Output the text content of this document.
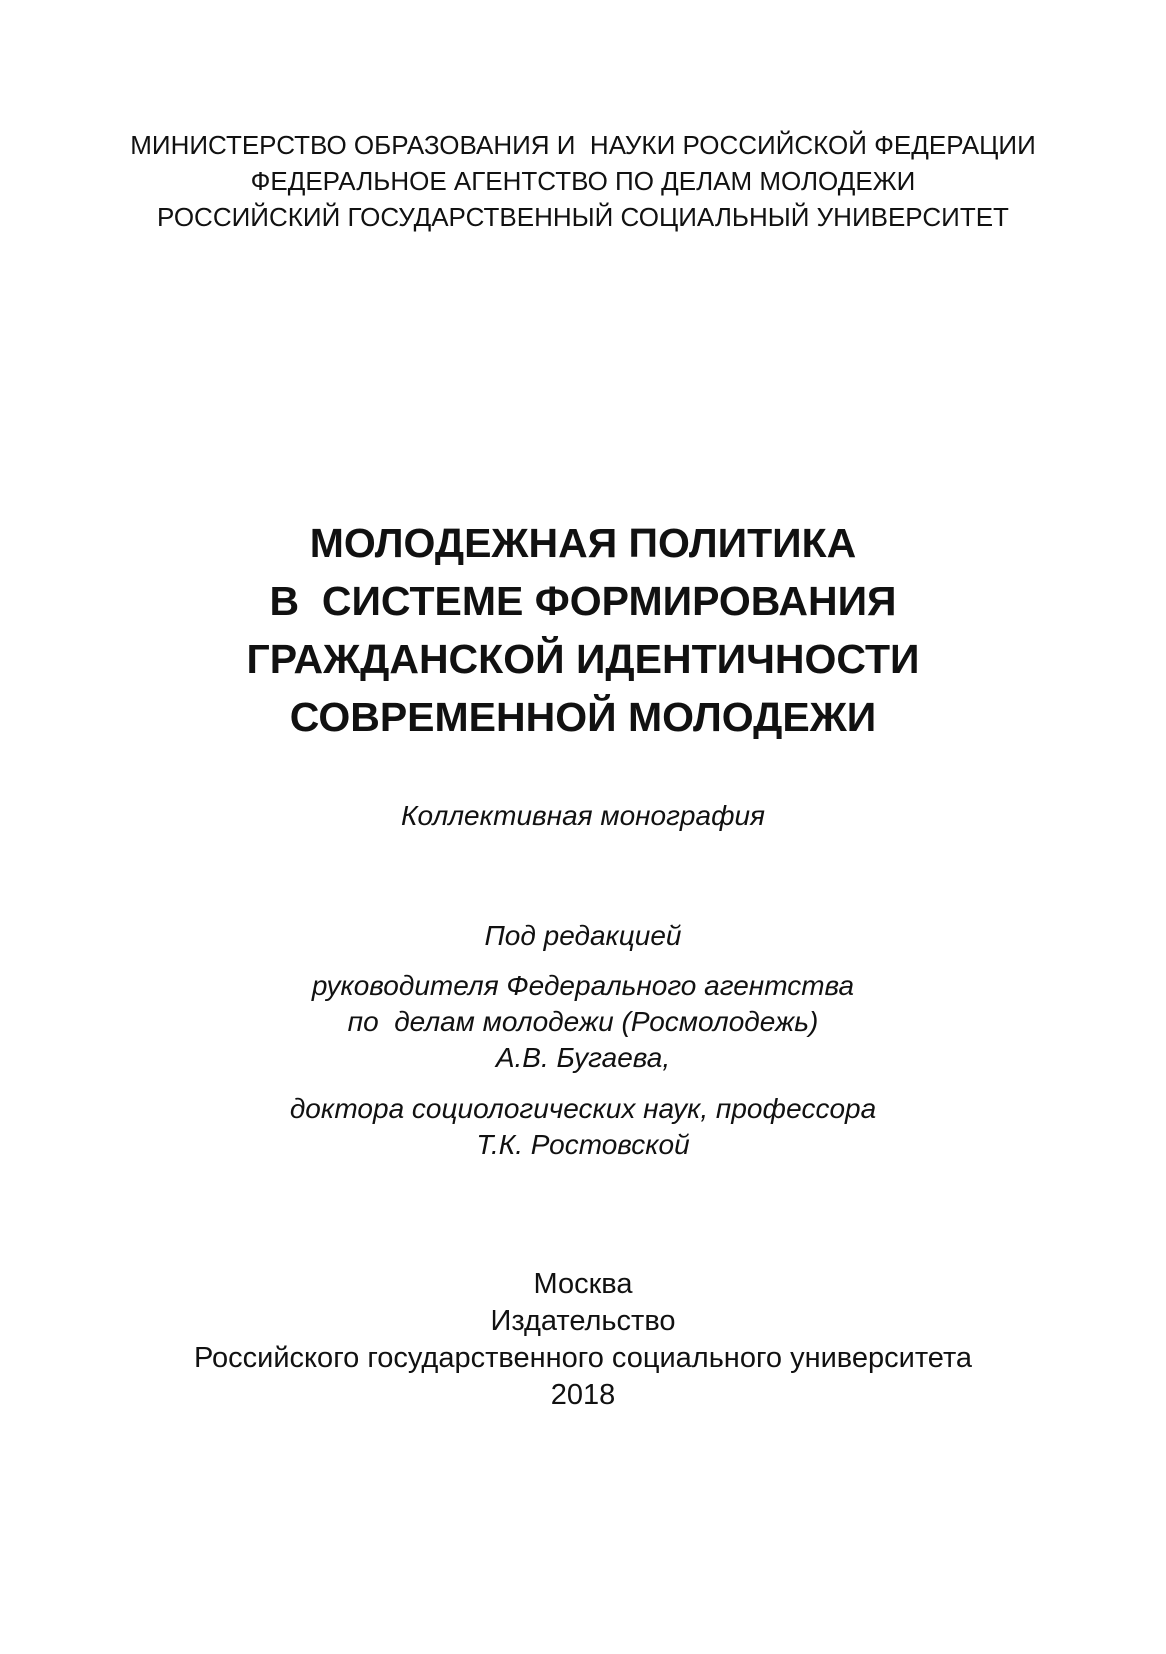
МИНИСТЕРСТВО ОБРАЗОВАНИЯ И  НАУКИ РОССИЙСКОЙ ФЕДЕРАЦИИ
ФЕДЕРАЛЬНОЕ АГЕНТСТВО ПО ДЕЛАМ МОЛОДЕЖИ
РОССИЙСКИЙ ГОСУДАРСТВЕННЫЙ СОЦИАЛЬНЫЙ УНИВЕРСИТЕТ
МОЛОДЕЖНАЯ ПОЛИТИКА
В  СИСТЕМЕ ФОРМИРОВАНИЯ
ГРАЖДАНСКОЙ ИДЕНТИЧНОСТИ
СОВРЕМЕННОЙ МОЛОДЕЖИ
Коллективная монография
Под редакцией
руководителя Федерального агентства
по  делам молодежи (Росмолодежь)
А.В. Бугаева,
доктора социологических наук, профессора
Т.К. Ростовской
Москва
Издательство
Российского государственного социального университета
2018
